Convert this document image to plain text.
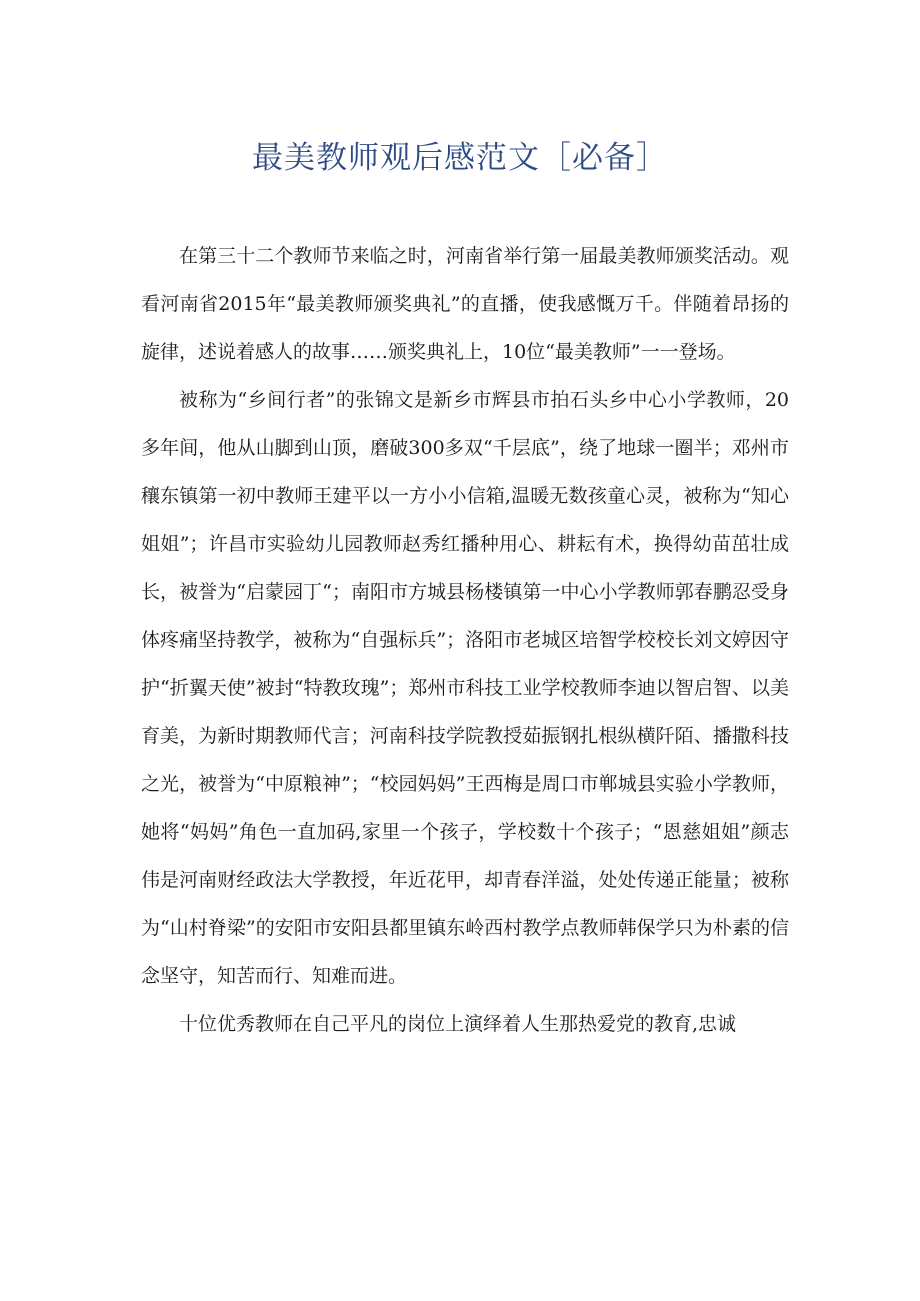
最美教师观后感范文［必备］

在第三十二个教师节来临之时，河南省举行第一届最美教师颁奖活动。观看河南省2015年“最美教师颁奖典礼”的直播，使我感慨万千。伴随着昂扬的旋律，述说着感人的故事……颁奖典礼上，10位“最美教师”一一登场。

被称为“乡间行者”的张锦文是新乡市辉县市拍石头乡中心小学教师，20多年间，他从山脚到山顶，磨破300多双“千层底”，绕了地球一圈半；邓州市穰东镇第一初中教师王建平以一方小小信箱,温暖无数孩童心灵，被称为“知心姐姐”；许昌市实验幼儿园教师赵秀红播种用心、耕耘有术，换得幼苗茁壮成长，被誉为“启蒙园丁“；南阳市方城县杨楼镇第一中心小学教师郭春鹏忍受身体疼痛坚持教学，被称为“自强标兵”；洛阳市老城区培智学校校长刘文婷因守护“折翼天使”被封“特教玫瑰”；郑州市科技工业学校教师李迪以智启智、以美育美，为新时期教师代言；河南科技学院教授茹振钢扎根纵横阡陌、播撒科技之光，被誉为“中原粮神”；“校园妈妈”王西梅是周口市郸城县实验小学教师，她将“妈妈”角色一直加码,家里一个孩子，学校数十个孩子；“恩慈姐姐”颜志伟是河南财经政法大学教授，年近花甲，却青春洋溢，处处传递正能量；被称为“山村脊梁”的安阳市安阳县都里镇东岭西村教学点教师韩保学只为朴素的信念坚守，知苦而行、知难而进。

十位优秀教师在自己平凡的岗位上演绎着人生那热爱党的教育,忠诚
